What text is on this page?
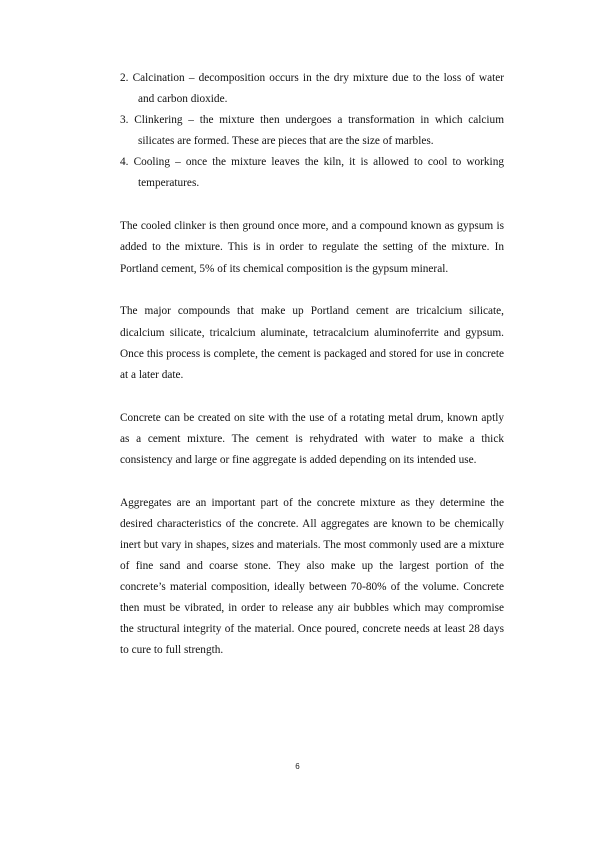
2. Calcination – decomposition occurs in the dry mixture due to the loss of water and carbon dioxide.
3. Clinkering – the mixture then undergoes a transformation in which calcium silicates are formed. These are pieces that are the size of marbles.
4. Cooling – once the mixture leaves the kiln, it is allowed to cool to working temperatures.

The cooled clinker is then ground once more, and a compound known as gypsum is added to the mixture. This is in order to regulate the setting of the mixture. In Portland cement, 5% of its chemical composition is the gypsum mineral.

The major compounds that make up Portland cement are tricalcium silicate, dicalcium silicate, tricalcium aluminate, tetracalcium aluminoferrite and gypsum. Once this process is complete, the cement is packaged and stored for use in concrete at a later date.

Concrete can be created on site with the use of a rotating metal drum, known aptly as a cement mixture. The cement is rehydrated with water to make a thick consistency and large or fine aggregate is added depending on its intended use.

Aggregates are an important part of the concrete mixture as they determine the desired characteristics of the concrete. All aggregates are known to be chemically inert but vary in shapes, sizes and materials. The most commonly used are a mixture of fine sand and coarse stone. They also make up the largest portion of the concrete’s material composition, ideally between 70-80% of the volume. Concrete then must be vibrated, in order to release any air bubbles which may compromise the structural integrity of the material. Once poured, concrete needs at least 28 days to cure to full strength.

6
